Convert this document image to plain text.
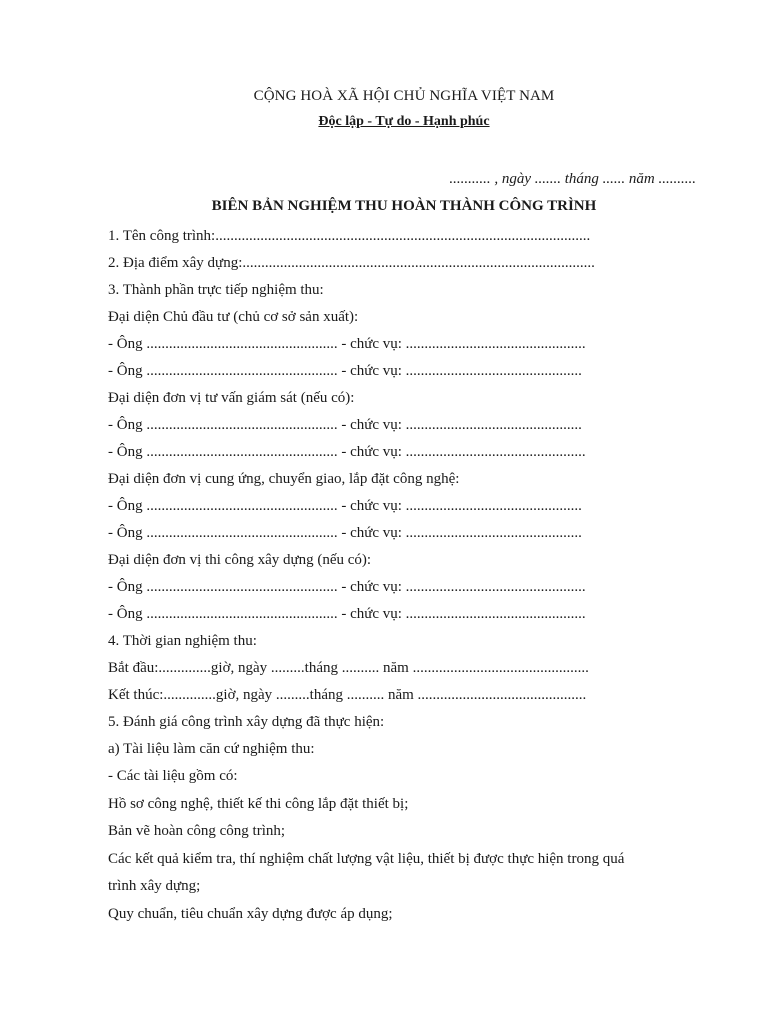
CỘNG HOÀ XÃ HỘI CHỦ NGHĨA VIỆT NAM
Độc lập - Tự do - Hạnh phúc
........... , ngày ....... tháng ...... năm ..........
BIÊN BẢN NGHIỆM THU HOÀN THÀNH CÔNG TRÌNH
1. Tên công trình:....................................................................................................
2. Địa điểm xây dựng:..............................................................................................
3. Thành phần trực tiếp nghiệm thu:
Đại diện Chủ đầu tư (chủ cơ sở sản xuất):
- Ông ................................................... - chức vụ: ................................................
- Ông ................................................... - chức vụ: ...............................................
Đại diện đơn vị tư vấn giám sát (nếu có):
- Ông ................................................... - chức vụ: ...............................................
- Ông ................................................... - chức vụ: ................................................
Đại diện đơn vị cung ứng, chuyển giao, lắp đặt công nghệ:
- Ông ................................................... - chức vụ: ...............................................
- Ông ................................................... - chức vụ: ...............................................
Đại diện đơn vị thi công xây dựng (nếu có):
- Ông ................................................... - chức vụ: ................................................
- Ông ................................................... - chức vụ: ................................................
4. Thời gian nghiệm thu:
Bắt đầu:..............giờ, ngày .........tháng .......... năm ...............................................
Kết thúc:..............giờ, ngày .........tháng .......... năm .............................................
5. Đánh giá công trình xây dựng đã thực hiện:
a) Tài liệu làm căn cứ nghiệm thu:
- Các tài liệu gồm có:
Hồ sơ công nghệ, thiết kế thi công lắp đặt thiết bị;
Bản vẽ hoàn công công trình;
Các kết quả kiểm tra, thí nghiệm chất lượng vật liệu, thiết bị được thực hiện trong quá
trình xây dựng;
Quy chuẩn, tiêu chuẩn xây dựng được áp dụng;
